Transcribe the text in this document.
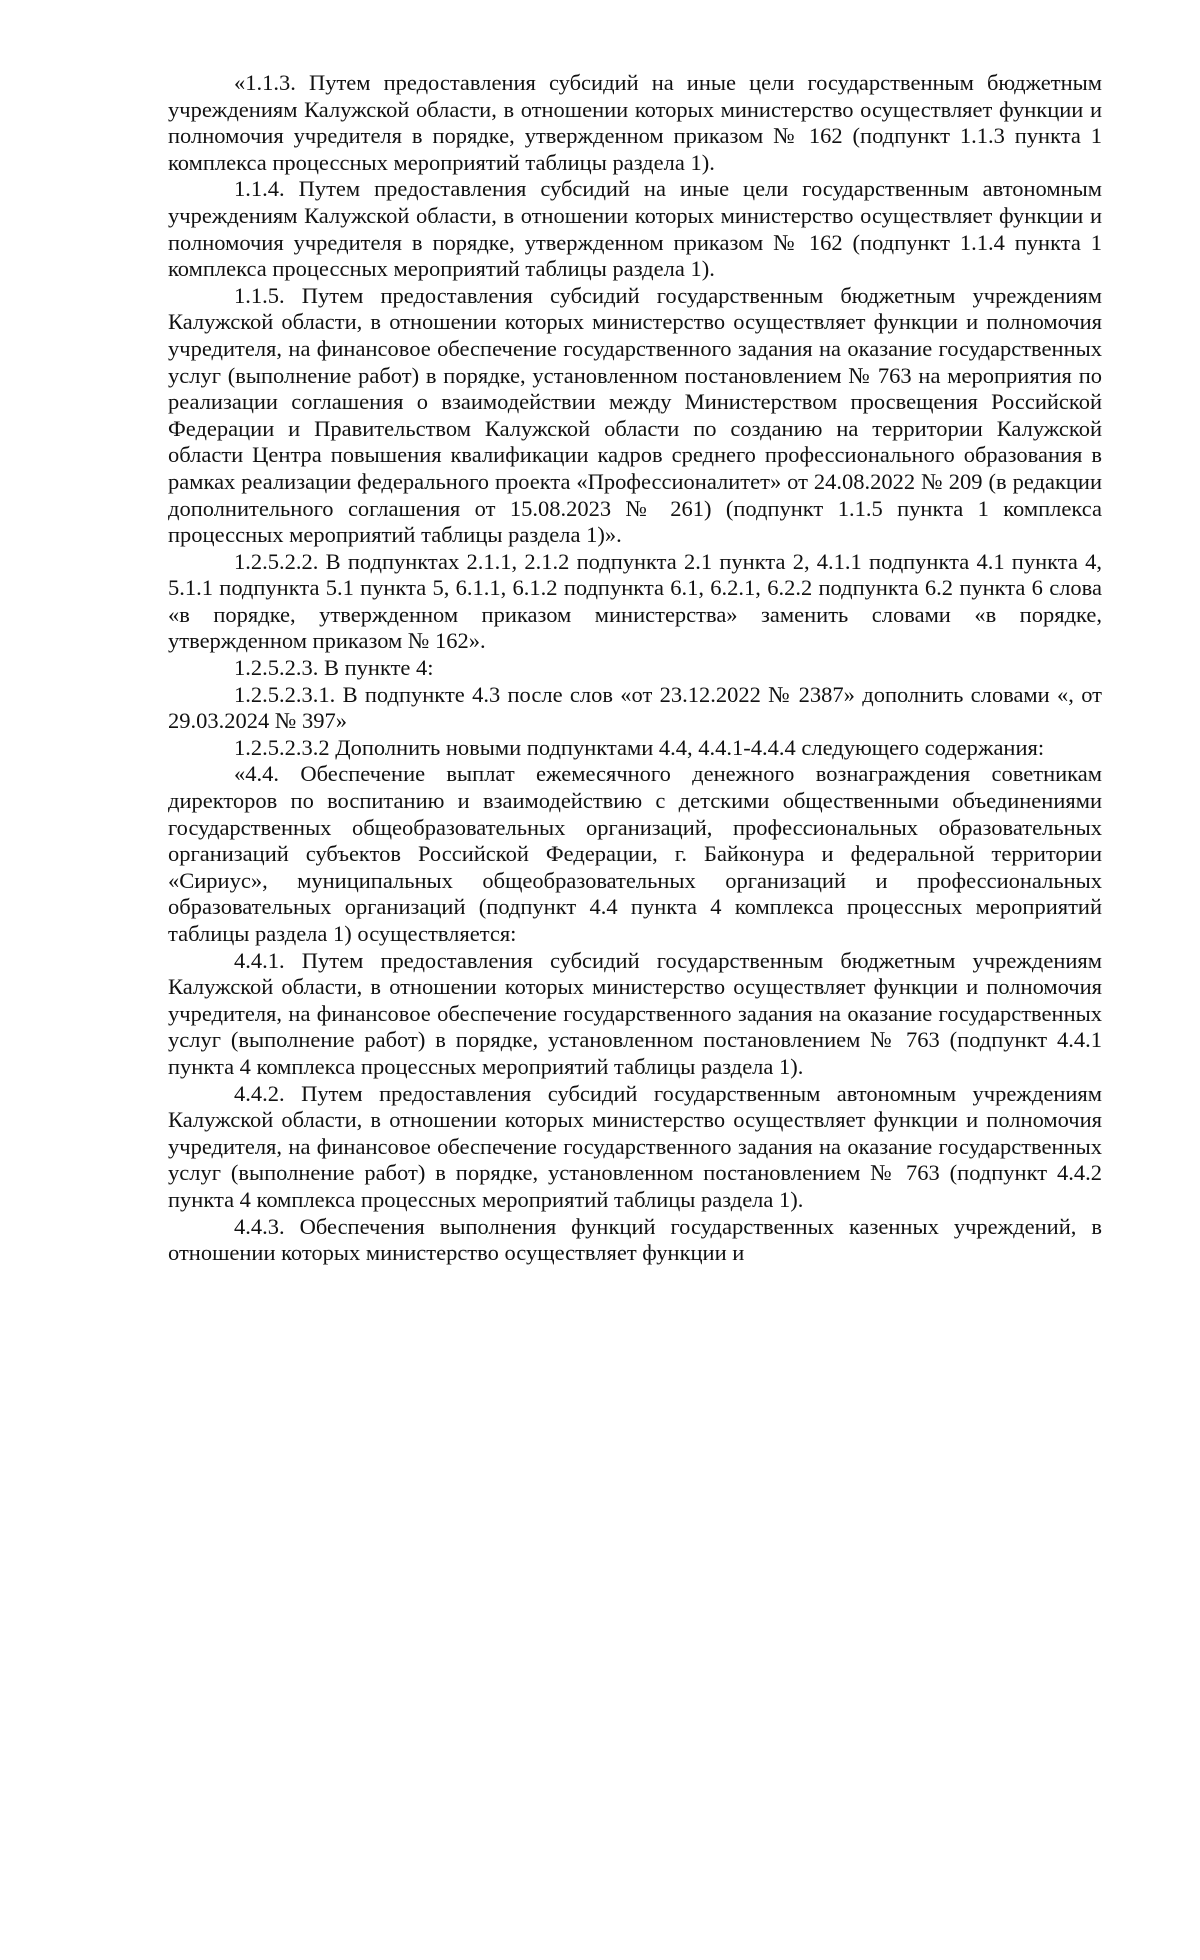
«1.1.3. Путем предоставления субсидий на иные цели государственным бюджетным учреждениям Калужской области, в отношении которых министерство осуществляет функции и полномочия учредителя в порядке, утвержденном приказом № 162 (подпункт 1.1.3 пункта 1 комплекса процессных мероприятий таблицы раздела 1).

1.1.4. Путем предоставления субсидий на иные цели государственным автономным учреждениям Калужской области, в отношении которых министерство осуществляет функции и полномочия учредителя в порядке, утвержденном приказом № 162 (подпункт 1.1.4 пункта 1 комплекса процессных мероприятий таблицы раздела 1).

1.1.5. Путем предоставления субсидий государственным бюджетным учреждениям Калужской области, в отношении которых министерство осуществляет функции и полномочия учредителя, на финансовое обеспечение государственного задания на оказание государственных услуг (выполнение работ) в порядке, установленном постановлением № 763 на мероприятия по реализации соглашения о взаимодействии между Министерством просвещения Российской Федерации и Правительством Калужской области по созданию на территории Калужской области Центра повышения квалификации кадров среднего профессионального образования в рамках реализации федерального проекта «Профессионалитет» от 24.08.2022 № 209 (в редакции дополнительного соглашения от 15.08.2023 № 261) (подпункт 1.1.5 пункта 1 комплекса процессных мероприятий таблицы раздела 1)».

1.2.5.2.2. В подпунктах 2.1.1, 2.1.2 подпункта 2.1 пункта 2, 4.1.1 подпункта 4.1 пункта 4, 5.1.1 подпункта 5.1 пункта 5, 6.1.1, 6.1.2 подпункта 6.1, 6.2.1, 6.2.2 подпункта 6.2 пункта 6 слова «в порядке, утвержденном приказом министерства» заменить словами «в порядке, утвержденном приказом № 162».

1.2.5.2.3. В пункте 4:

1.2.5.2.3.1. В подпункте 4.3 после слов «от 23.12.2022 № 2387» дополнить словами «, от 29.03.2024 № 397»

1.2.5.2.3.2 Дополнить новыми подпунктами 4.4, 4.4.1-4.4.4 следующего содержания:

«4.4. Обеспечение выплат ежемесячного денежного вознаграждения советникам директоров по воспитанию и взаимодействию с детскими общественными объединениями государственных общеобразовательных организаций, профессиональных образовательных организаций субъектов Российской Федерации, г. Байконура и федеральной территории «Сириус», муниципальных общеобразовательных организаций и профессиональных образовательных организаций (подпункт 4.4 пункта 4 комплекса процессных мероприятий таблицы раздела 1) осуществляется:

4.4.1. Путем предоставления субсидий государственным бюджетным учреждениям Калужской области, в отношении которых министерство осуществляет функции и полномочия учредителя, на финансовое обеспечение государственного задания на оказание государственных услуг (выполнение работ) в порядке, установленном постановлением № 763 (подпункт 4.4.1 пункта 4 комплекса процессных мероприятий таблицы раздела 1).

4.4.2. Путем предоставления субсидий государственным автономным учреждениям Калужской области, в отношении которых министерство осуществляет функции и полномочия учредителя, на финансовое обеспечение государственного задания на оказание государственных услуг (выполнение работ) в порядке, установленном постановлением № 763 (подпункт 4.4.2 пункта 4 комплекса процессных мероприятий таблицы раздела 1).

4.4.3. Обеспечения выполнения функций государственных казенных учреждений, в отношении которых министерство осуществляет функции и
